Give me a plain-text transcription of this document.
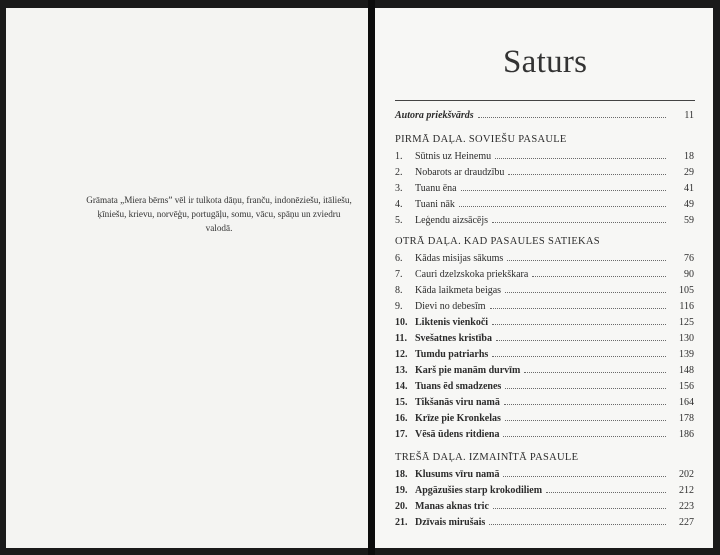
Grāmata „Miera bērns” vēl ir tulkota dāņu, franču, indonēziešu, itāliešu, ķīniešu, krievu, norvēģu, portugāļu, somu, vācu, spāņu un zviedru valodā.
Saturs
Autora priekšvārds	11
PIRMĀ DAĻA. SOVIEŠU PASAULE
1.	Sūtnis uz Heinemu	18
2.	Nobarots ar draudzību	29
3.	Tuanu ēna	41
4.	Tuani nāk	49
5.	Leģendu aizsācējs	59
OTRĀ DAĻA. KAD PASAULES SATIEKAS
6.	Kādas misijas sākums	76
7.	Cauri dzelzskoka priekškara	90
8.	Kāda laikmeta beigas	105
9.	Dievi no debesīm	116
10. Liktenis vienkoči	125
11. Svešatnes kristība	130
12. Tumdu patriarhs	139
13. Karš pie manām durvīm	148
14. Tuans ēd smadzenes	156
15. Tikšanās viru namā	164
16. Krīze pie Kronkelas	178
17. Vēsā ūdens ritdiena	186
TREŠĀ DAĻA. IZMAINĪTĀ PASAULE
18. Klusums vīru namā	202
19. Apgāzušies starp krokodiliem	212
20. Manas aknas tric	223
21. Dzīvais mirušais	227
